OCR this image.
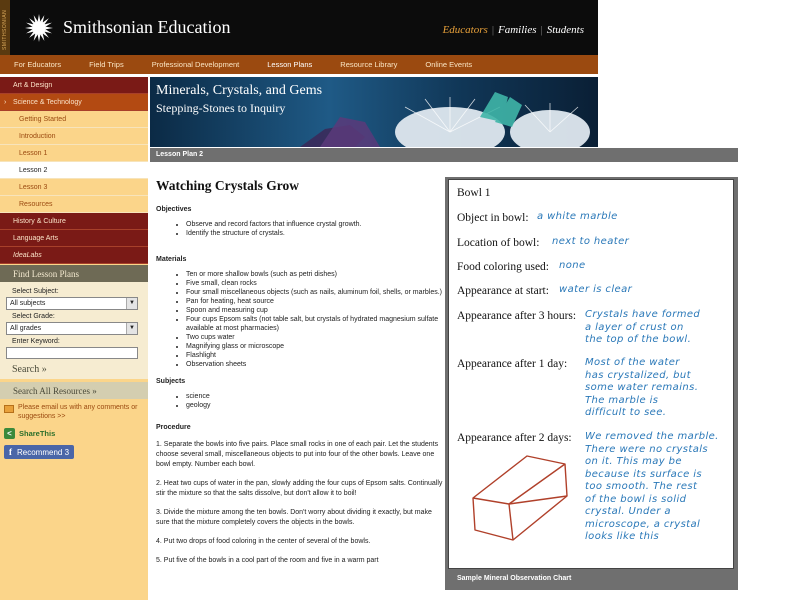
SMITHSONIAN	Smithsonian Education	Educators | Families | Students
For Educators	Field Trips	Professional Development	Lesson Plans	Resource Library	Online Events
Art & Design
› Science & Technology
Getting Started
Introduction
Lesson 1
Lesson 2
Lesson 3
Resources
History & Culture
Language Arts
IdeaLabs
Find Lesson Plans
Select Subject:
All subjects	▼
Select Grade:
All grades	▼
Enter Keyword:
Search »
Search All Resources »
Please email us with any comments or suggestions >>
< ShareThis
f Recommend
3
Minerals, Crystals, and Gems
Stepping-Stones to Inquiry
Lesson Plan 2
Watching Crystals Grow
Objectives
• Observe and record factors that influence crystal growth.
• Identify the structure of crystals.
Materials
• Ten or more shallow bowls (such as petri dishes)
• Five small, clean rocks
• Four small miscellaneous objects (such as nails, aluminum foil, shells, or marbles.)
• Pan for heating, heat source
• Spoon and measuring cup
• Four cups Epsom salts (not table salt, but crystals of hydrated magnesium sulfate available at most pharmacies)
• Two cups water
• Magnifying glass or microscope
• Flashlight
• Observation sheets
Subjects
• science
• geology
Procedure

1. Separate the bowls into five pairs. Place small rocks in one of each pair. Let the students choose several small, miscellaneous objects to put into four of the other bowls. Leave one bowl empty. Number each bowl.

2. Heat two cups of water in the pan, slowly adding the four cups of Epsom salts. Continually stir the mixture so that the salts dissolve, but don't allow it to boil!

3. Divide the mixture among the ten bowls. Don't worry about dividing it exactly, but make sure that the mixture completely covers the objects in the bowls.

4. Put two drops of food coloring in the center of several of the bowls.

5. Put five of the bowls in a cool part of the room and five in a warm part

Bowl 1
Object in bowl: a white marble
Location of bowl: next to heater
Food coloring used: none
Appearance at start: water is clear
Appearance after 3 hours: Crystals have formed
a layer of crust on
the top of the bowl.
Appearance after 1 day: Most of the water
has crystalized, but
some water remains.
The marble is
difficult to see.
Appearance after 2 days: We removed the marble.
There were no crystals
on it. This may be
because its surface is
too smooth. The rest
of the bowl is solid
crystal. Under a
microscope, a crystal
looks like this
Sample Mineral Observation Chart
